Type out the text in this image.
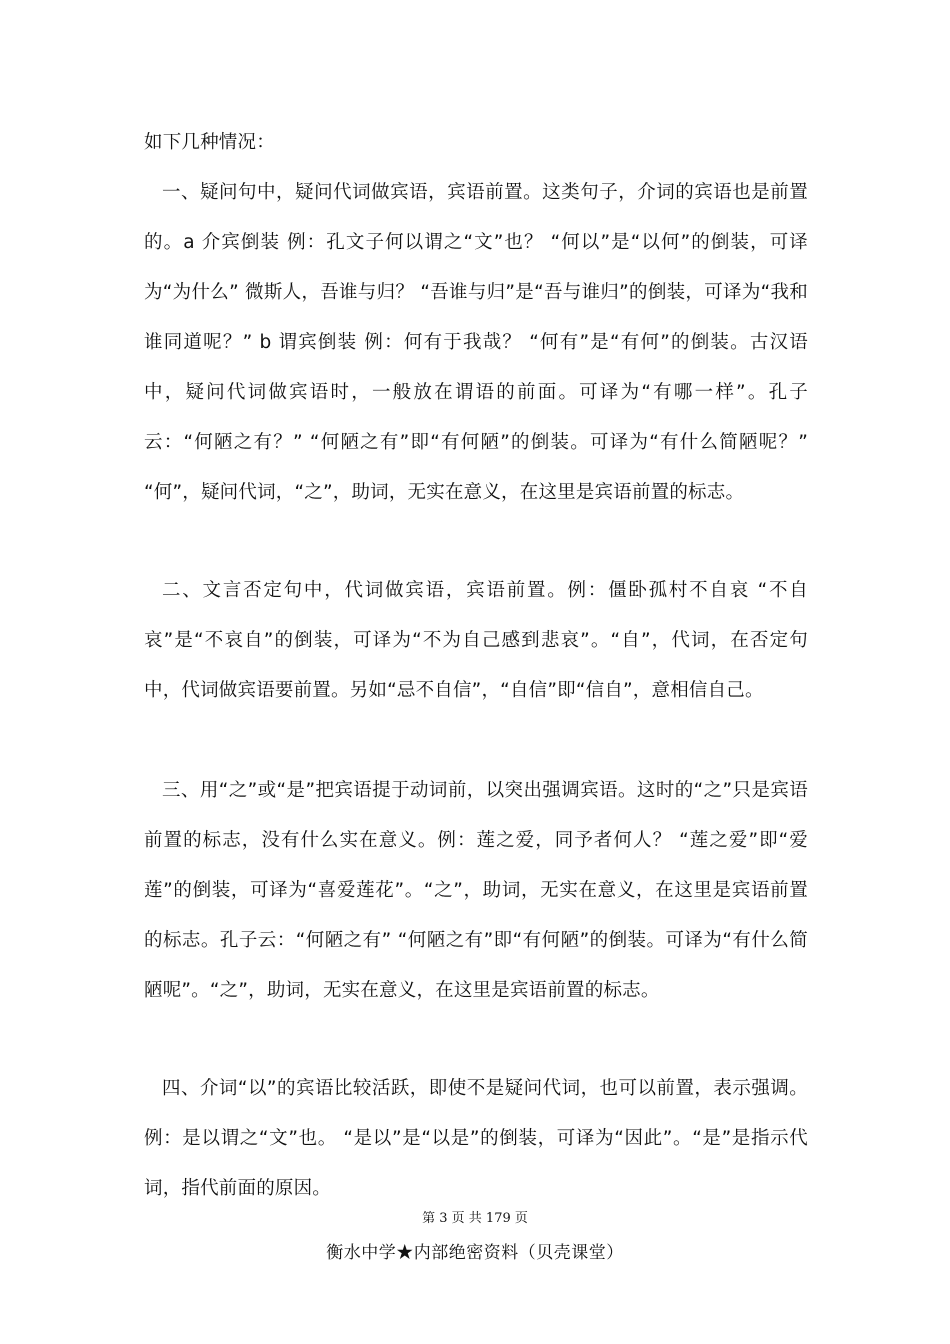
如下几种情况：

一、疑问句中，疑问代词做宾语，宾语前置。这类句子，介词的宾语也是前置的。a 介宾倒装 例：孔文子何以谓之“文”也？ “何以”是“以何”的倒装，可译为“为什么” 微斯人，吾谁与归？ “吾谁与归”是“吾与谁归”的倒装，可译为“我和谁同道呢？” b 谓宾倒装 例：何有于我哉？ “何有”是“有何”的倒装。古汉语中，疑问代词做宾语时，一般放在谓语的前面。可译为“有哪一样”。孔子云：“何陋之有？” “何陋之有”即“有何陋”的倒装。可译为“有什么简陋呢？” “何”，疑问代词，“之”，助词，无实在意义，在这里是宾语前置的标志。

二、文言否定句中，代词做宾语，宾语前置。例：僵卧孤村不自哀 “不自哀”是“不哀自”的倒装，可译为“不为自己感到悲哀”。“自”，代词，在否定句中，代词做宾语要前置。另如“忌不自信”，“自信”即“信自”，意相信自己。

三、用“之”或“是”把宾语提于动词前，以突出强调宾语。这时的“之”只是宾语前置的标志，没有什么实在意义。例：莲之爱，同予者何人？ “莲之爱”即“爱莲”的倒装，可译为“喜爱莲花”。“之”，助词，无实在意义，在这里是宾语前置的标志。孔子云：“何陋之有” “何陋之有”即“有何陋”的倒装。可译为“有什么简陋呢”。“之”，助词，无实在意义，在这里是宾语前置的标志。

四、介词“以”的宾语比较活跃，即使不是疑问代词，也可以前置，表示强调。例：是以谓之“文”也。 “是以”是“以是”的倒装，可译为“因此”。“是”是指示代词，指代前面的原因。

第 3 页 共 179 页
衡水中学★内部绝密资料（贝壳课堂）
